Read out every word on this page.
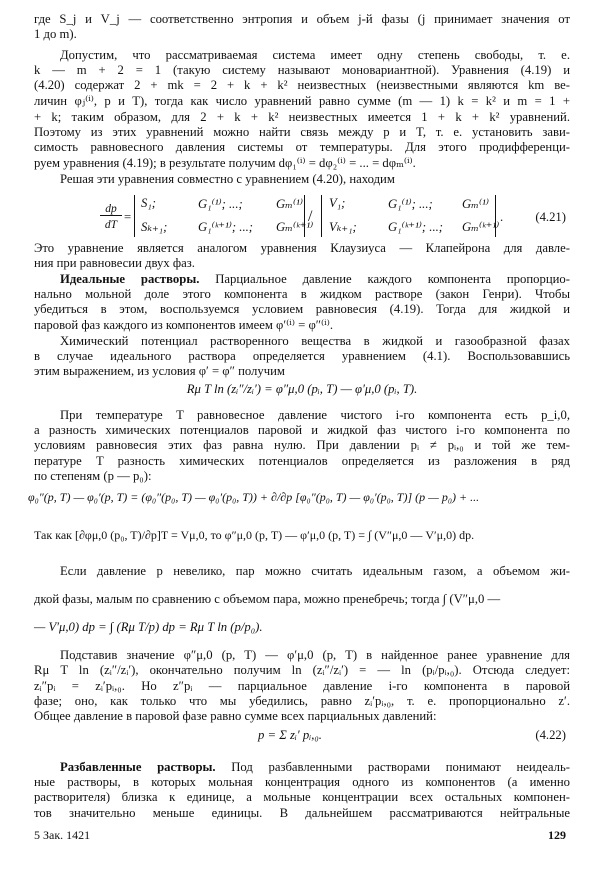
где S_j и V_j — соответственно энтропия и объем j-й фазы (j принимает значения от
1 до m).
Допустим, что рассматриваемая система имеет одну степень свободы, т. е.
k — m + 2 = 1 (такую систему называют моновариантной). Уравнения (4.19) и
(4.20) содержат 2 + mk = 2 + k + k² неизвестных (неизвестными являются km ве-
личин φⱼ⁽ⁱ⁾, p и T), тогда как число уравнений равно сумме (m — 1) k = k² и m = 1 +
+ k; таким образом, для 2 + k + k² неизвестных имеется 1 + k + k² уравнений.
Поэтому из этих уравнений можно найти связь между p и T, т. е. установить зави-
симость равновесного давления системы от температуры. Для этого продифференци-
руем уравнения (4.19); в результате получим dφ₁⁽ⁱ⁾ = dφ₂⁽ⁱ⁾ = ... = dφₘ⁽ⁱ⁾.
Решая эти уравнения совместно с уравнением (4.20), находим
dp
dT
=
S₁;	G₁⁽¹⁾; ...;	Gₘ⁽¹⁾
Sₖ₊₁; G₁⁽ᵏ⁺¹⁾; ...; Gₘ⁽ᵏ⁺¹⁾
/
V₁;	G₁⁽¹⁾; ...; Gₘ⁽¹⁾
Vₖ₊₁; G₁⁽ᵏ⁺¹⁾; ...; Gₘ⁽ᵏ⁺¹⁾
.	(4.21)
Это уравнение является аналогом уравнения Клаузиуса — Клапейрона для давле-
ния при равновесии двух фаз.
Идеальные растворы. Парциальное давление каждого компонента пропорцио-
нально мольной доле этого компонента в жидком растворе (закон Генри). Чтобы
убедиться в этом, воспользуемся условием равновесия (4.19). Тогда для жидкой и
паровой фаз каждого из компонентов имеем φ′⁽ⁱ⁾ = φ″⁽ⁱ⁾.
Химический потенциал растворенного вещества в жидкой и газообразной фазах
в случае идеального раствора определяется уравнением (4.1). Воспользовавшись
этим выражением, из условия φ′ = φ″ получим
Rμ T ln (zᵢ″/zᵢ′) = φ″μ,0 (pᵢ, T) — φ′μ,0 (pᵢ, T).
При температуре T равновесное давление чистого i-го компонента есть p_i,0,
а разность химических потенциалов паровой и жидкой фаз чистого i-го компонента по
условиям равновесия этих фаз равна нулю. При давлении pᵢ ≠ pᵢ,₀ и той же тем-
пературе T разность химических потенциалов определяется из разложения в ряд
по степеням (p — p₀):
φ₀″(p, T) — φ₀′(p, T) = (φ₀″(p₀, T) — φ₀′(p₀, T)) + ∂/∂p [φ₀″(p₀, T) — φ₀′(p₀, T)] (p — p₀) + ...
Так как [∂φμ,0 (p₀, T)/∂p]T = Vμ,0, то φ″μ,0 (p, T) — φ′μ,0 (p, T) = ∫ (V″μ,0 — V′μ,0) dp.
Если давление p невелико, пар можно считать идеальным газом, а объемом жи-
дкой фазы, малым по сравнению с объемом пара, можно пренебречь; тогда ∫ (V″μ,0 —
— V′μ,0) dp = ∫ (Rμ T/p) dp = Rμ T ln (p/p₀).
Подставив значение φ″μ,0 (p, T) — φ′μ,0 (p, T) в найденное ранее уравнение для
Rμ T ln (zᵢ″/zᵢ′), окончательно получим ln (zᵢ″/zᵢ′) = — ln (pᵢ/pᵢ,₀). Отсюда следует:
zᵢ″pᵢ = zᵢ′pᵢ,₀. Но z″pᵢ — парциальное давление i-го компонента в паровой
фазе; оно, как только что мы убедились, равно zᵢ′pᵢ,₀, т. е. пропорционально z′.
Общее давление в паровой фазе равно сумме всех парциальных давлений:
p = Σ zᵢ′ pᵢ,₀.	(4.22)
Разбавленные растворы. Под разбавленными растворами понимают неидеаль-
ные растворы, в которых мольная концентрация одного из компонентов (а именно
растворителя) близка к единице, а мольные концентрации всех остальных компонен-
тов значительно меньше единицы. В дальнейшем рассматриваются нейтральные
5 Зак. 1421	129
